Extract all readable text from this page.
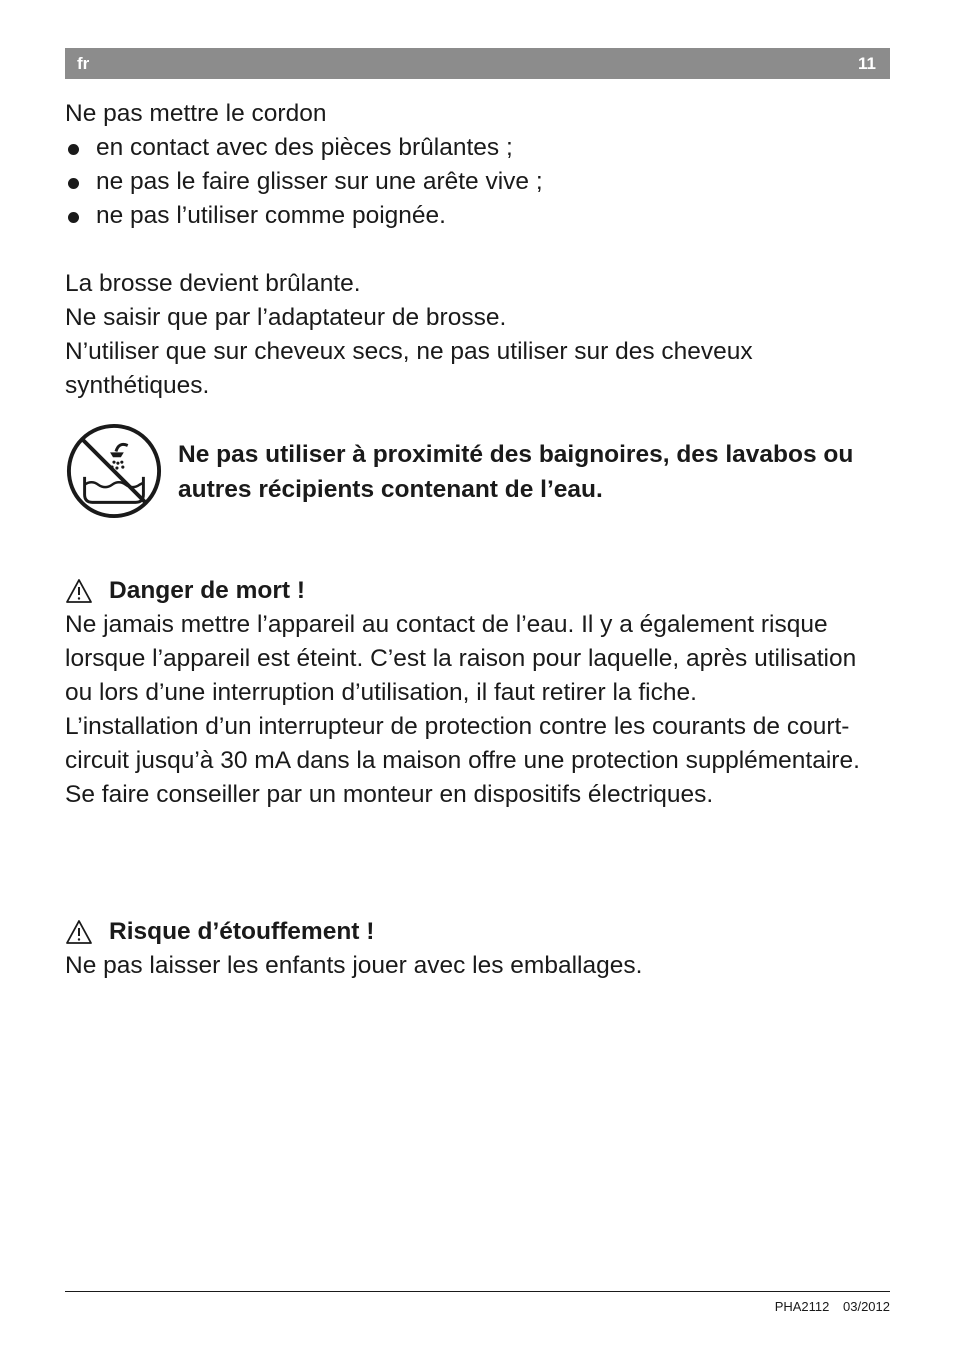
fr	11
Ne pas mettre le cordon
en contact avec des pièces brûlantes ;
ne pas le faire glisser sur une arête vive ;
ne pas l’utiliser comme poignée.
La brosse devient brûlante.
Ne saisir que par l’adaptateur de brosse.
N’utiliser que sur cheveux secs, ne pas utiliser sur des cheveux synthétiques.
Ne pas utiliser à proximité des baignoires, des lavabos ou autres récipients contenant de l’eau.
Danger de mort !
Ne jamais mettre l’appareil au contact de l’eau. Il y a également risque lorsque l’appareil est éteint. C’est la raison pour laquelle, après utilisation ou lors d’une interruption d’utilisation, il faut retirer la fiche.
L’installation d’un interrupteur de protection contre les courants de court-circuit jusqu’à 30 mA dans la maison offre une protection supplémentaire. Se faire conseiller par un monteur en dispositifs électriques.
Risque d’étouffement !
Ne pas laisser les enfants jouer avec les emballages.
PHA2112 03/2012
